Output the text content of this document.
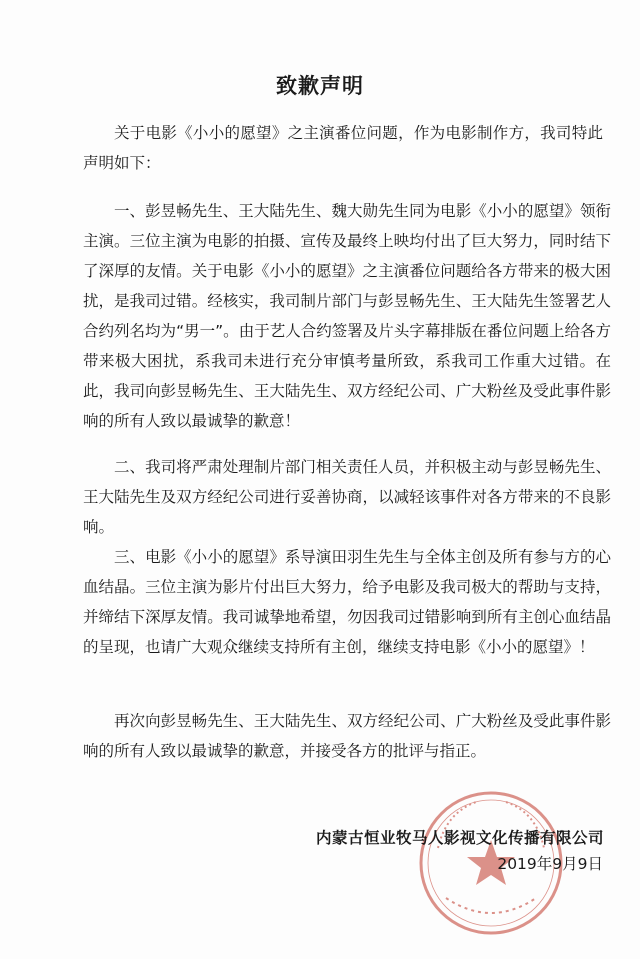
致歉声明

关于电影《小小的愿望》之主演番位问题，作为电影制作方，我司特此声明如下：

一、彭昱畅先生、王大陆先生、魏大勋先生同为电影《小小的愿望》领衔主演。三位主演为电影的拍摄、宣传及最终上映均付出了巨大努力，同时结下了深厚的友情。关于电影《小小的愿望》之主演番位问题给各方带来的极大困扰，是我司过错。经核实，我司制片部门与彭昱畅先生、王大陆先生签署艺人合约列名均为“男一”。由于艺人合约签署及片头字幕排版在番位问题上给各方带来极大困扰，系我司未进行充分审慎考量所致，系我司工作重大过错。在此，我司向彭昱畅先生、王大陆先生、双方经纪公司、广大粉丝及受此事件影响的所有人致以最诚挚的歉意！

二、我司将严肃处理制片部门相关责任人员，并积极主动与彭昱畅先生、王大陆先生及双方经纪公司进行妥善协商，以减轻该事件对各方带来的不良影响。

三、电影《小小的愿望》系导演田羽生先生与全体主创及所有参与方的心血结晶。三位主演为影片付出巨大努力，给予电影及我司极大的帮助与支持，并缔结下深厚友情。我司诚挚地希望，勿因我司过错影响到所有主创心血结晶的呈现，也请广大观众继续支持所有主创，继续支持电影《小小的愿望》！

再次向彭昱畅先生、王大陆先生、双方经纪公司、广大粉丝及受此事件影响的所有人致以最诚挚的歉意，并接受各方的批评与指正。

内蒙古恒业牧马人影视文化传播有限公司
2019年9月9日
